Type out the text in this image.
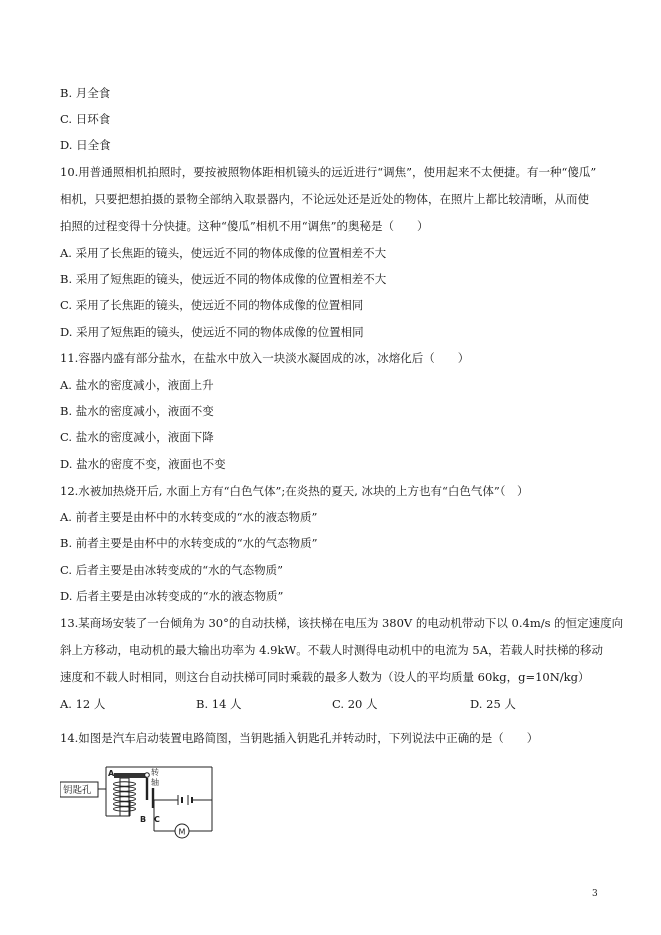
B. 月全食
C. 日环食
D. 日全食
10.用普通照相机拍照时，要按被照物体距相机镜头的远近进行“调焦”，使用起来不太便捷。有一种“傻瓜”
相机，只要把想拍摄的景物全部纳入取景器内，不论远处还是近处的物体，在照片上都比较清晰，从而使
拍照的过程变得十分快捷。这种“傻瓜”相机不用“调焦”的奥秘是（　　）
A. 采用了长焦距的镜头，使远近不同的物体成像的位置相差不大
B. 采用了短焦距的镜头，使远近不同的物体成像的位置相差不大
C. 采用了长焦距的镜头，使远近不同的物体成像的位置相同
D. 采用了短焦距的镜头，使远近不同的物体成像的位置相同
11.容器内盛有部分盐水，在盐水中放入一块淡水凝固成的冰，冰熔化后（　　）
A. 盐水的密度减小，液面上升
B. 盐水的密度减小，液面不变
C. 盐水的密度减小，液面下降
D. 盐水的密度不变，液面也不变
12.水被加热烧开后, 水面上方有“白色气体”;在炎热的夏天, 冰块的上方也有“白色气体”（　）
A. 前者主要是由杯中的水转变成的“水的液态物质”
B. 前者主要是由杯中的水转变成的“水的气态物质”
C. 后者主要是由冰转变成的“水的气态物质”
D. 后者主要是由冰转变成的“水的液态物质”
13.某商场安装了一台倾角为 30°的自动扶梯，该扶梯在电压为 380V 的电动机带动下以 0.4m/s 的恒定速度向
斜上方移动，电动机的最大输出功率为 4.9kW。不载人时测得电动机中的电流为 5A，若载人时扶梯的移动
速度和不载人时相同，则这台自动扶梯可同时乘载的最多人数为（设人的平均质量 60kg，g=10N/kg）
A. 12 人	B. 14 人	C. 20 人	D. 25 人
14.如图是汽车启动装置电路简图，当钥匙插入钥匙孔并转动时，下列说法中正确的是（　　）
钥匙孔
A	转
轴
B C
M
3
